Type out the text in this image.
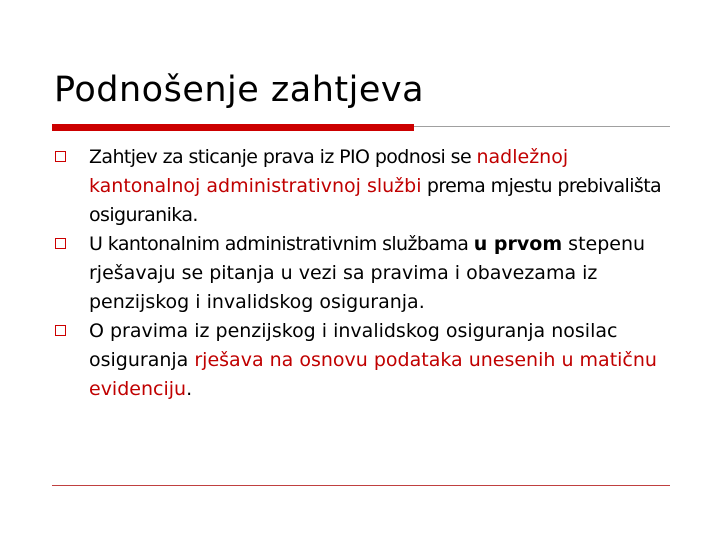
Podnošenje zahtjeva
Zahtjev za sticanje prava iz PIO podnosi se nadležnoj kantonalnoj administrativnoj službi prema mjestu prebivališta osiguranika.
U kantonalnim administrativnim službama u prvom stepenu rješavaju se pitanja u vezi sa pravima i obavezama iz penzijskog i invalidskog osiguranja.
O pravima iz penzijskog i invalidskog osiguranja nosilac osiguranja rješava na osnovu podataka unesenih u matičnu evidenciju.
